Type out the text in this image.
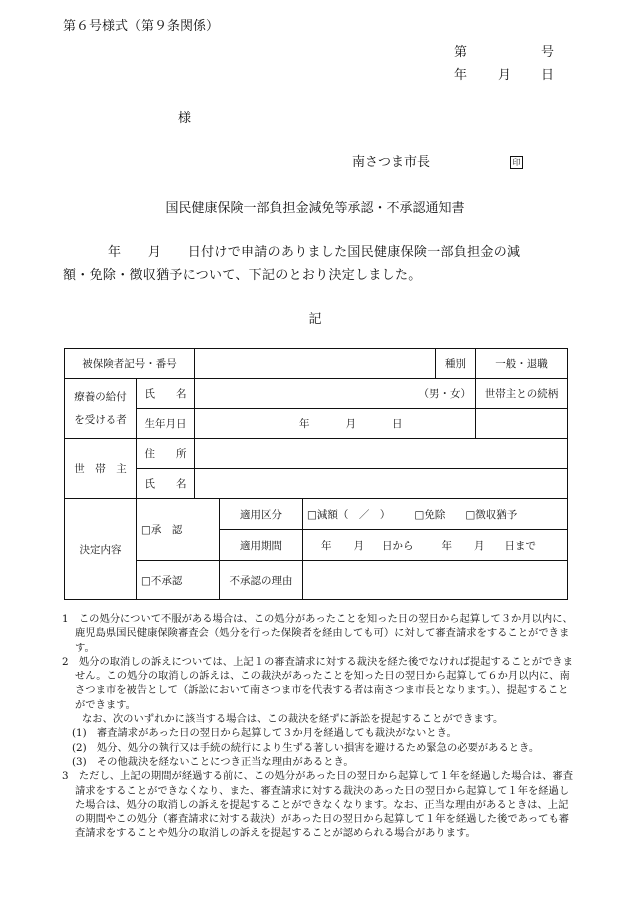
第６号様式（第９条関係）
第	号
年 月 日
様
南さつま市長	印
国民健康保険一部負担金減免等承認・不承認通知書
年　　月　　日付けで申請のありました国民健康保険一部負担金の減
額・免除・徴収猶予について、下記のとおり決定しました。
記
被保険者記号・番号					種別	一般・退職

療養の給付
を受ける者	氏　　名	（男・女）				世帯主との続柄
	生年月日	年 月 日				
世　帯　主	住　　所					
	氏　　名					
決定内容	□承　認		適用区分	□減額（　／　） □免除 □徴収猶予		
			適用期間	年 月 日から 年 月 日まで		
	□不承認		不承認の理由			

1　この処分について不服がある場合は、この処分があったことを知った日の翌日から起算して３か月以内に、鹿児島県国民健康保険審査会（処分を行った保険者を経由しても可）に対して審査請求をすることができます。

2　処分の取消しの訴えについては、上記１の審査請求に対する裁決を経た後でなければ提起することができません。この処分の取消しの訴えは、この裁決があったことを知った日の翌日から起算して６か月以内に、南さつま市を被告として（訴訟において南さつま市を代表する者は南さつま市長となります。）、提起することができます。

なお、次のいずれかに該当する場合は、この裁決を経ずに訴訟を提起することができます。

(1)　審査請求があった日の翌日から起算して３か月を経過しても裁決がないとき。

(2)　処分、処分の執行又は手続の続行により生ずる著しい損害を避けるため緊急の必要があるとき。

(3)　その他裁決を経ないことにつき正当な理由があるとき。

3　ただし、上記の期間が経過する前に、この処分があった日の翌日から起算して１年を経過した場合は、審査請求をすることができなくなり、また、審査請求に対する裁決のあった日の翌日から起算して１年を経過した場合は、処分の取消しの訴えを提起することができなくなります。なお、正当な理由があるときは、上記の期間やこの処分（審査請求に対する裁決）があった日の翌日から起算して１年を経過した後であっても審査請求をすることや処分の取消しの訴えを提起することが認められる場合があります。
